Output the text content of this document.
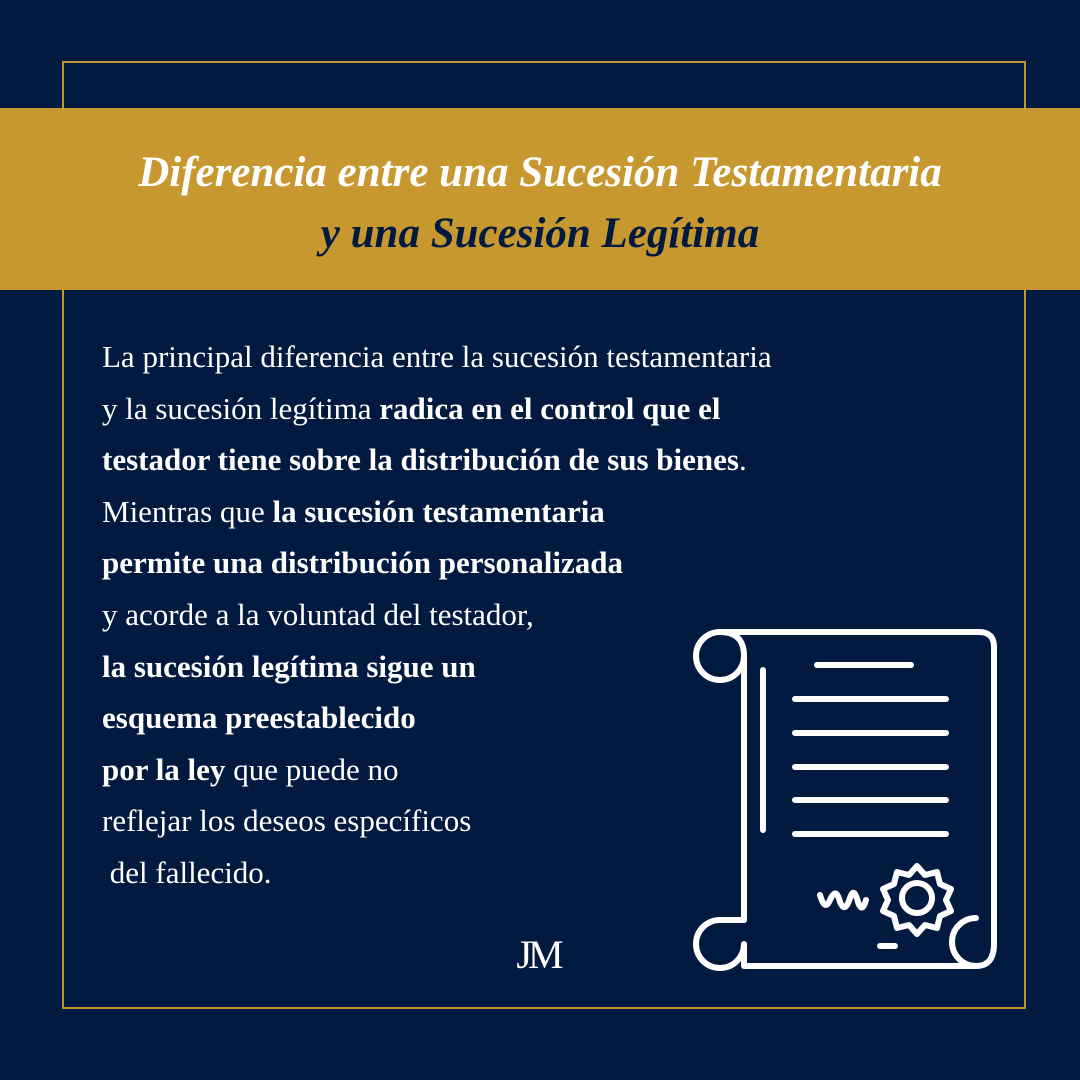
Diferencia entre una Sucesión Testamentaria
y una Sucesión Legítima
La principal diferencia entre la sucesión testamentaria
y la sucesión legítima radica en el control que el
testador tiene sobre la distribución de sus bienes.
Mientras que la sucesión testamentaria
permite una distribución personalizada
y acorde a la voluntad del testador,
la sucesión legítima sigue un
esquema preestablecido
por la ley que puede no
reflejar los deseos específicos
del fallecido.
JM
